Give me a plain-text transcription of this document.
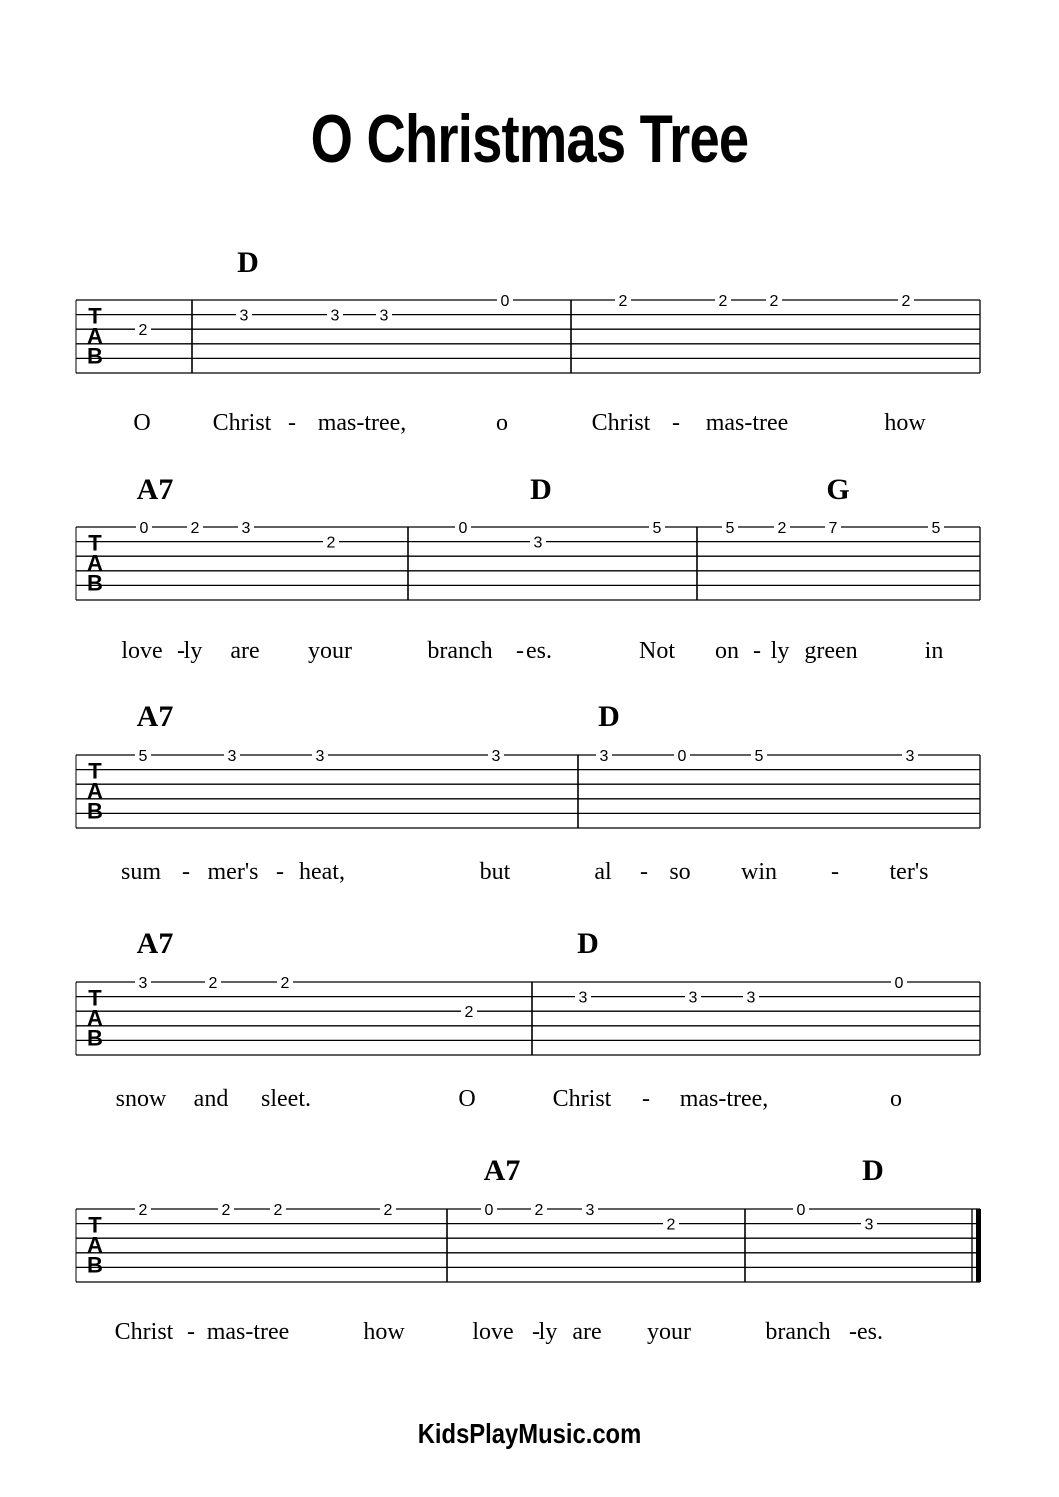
O Christmas Tree
T
A
B
D
2
3	3	3
0	2	2	2	2
O	Christ - mas-tree,	o	Christ - mas-tree	how
T
A
B
A7	D	G
0	2	3
2
0
3
5	5	2	7	5
love -
ly are your	branch - es.	Not on - ly green	in
T
A
B
A7	D
5	3	3	3	3	0	5	3
sum - mer's - heat,	but	al - so win - ter's
T
A
B
A7	D
3	2	2
2
3	3	3
0
snow and sleet.	O	Christ - mas-tree,	o
T
A
B
A7	D
2	2	2	2	0	2	3
2
0
3
Christ - mas-tree	how	love -
ly are your	branch - es.
KidsPlayMusic.com
